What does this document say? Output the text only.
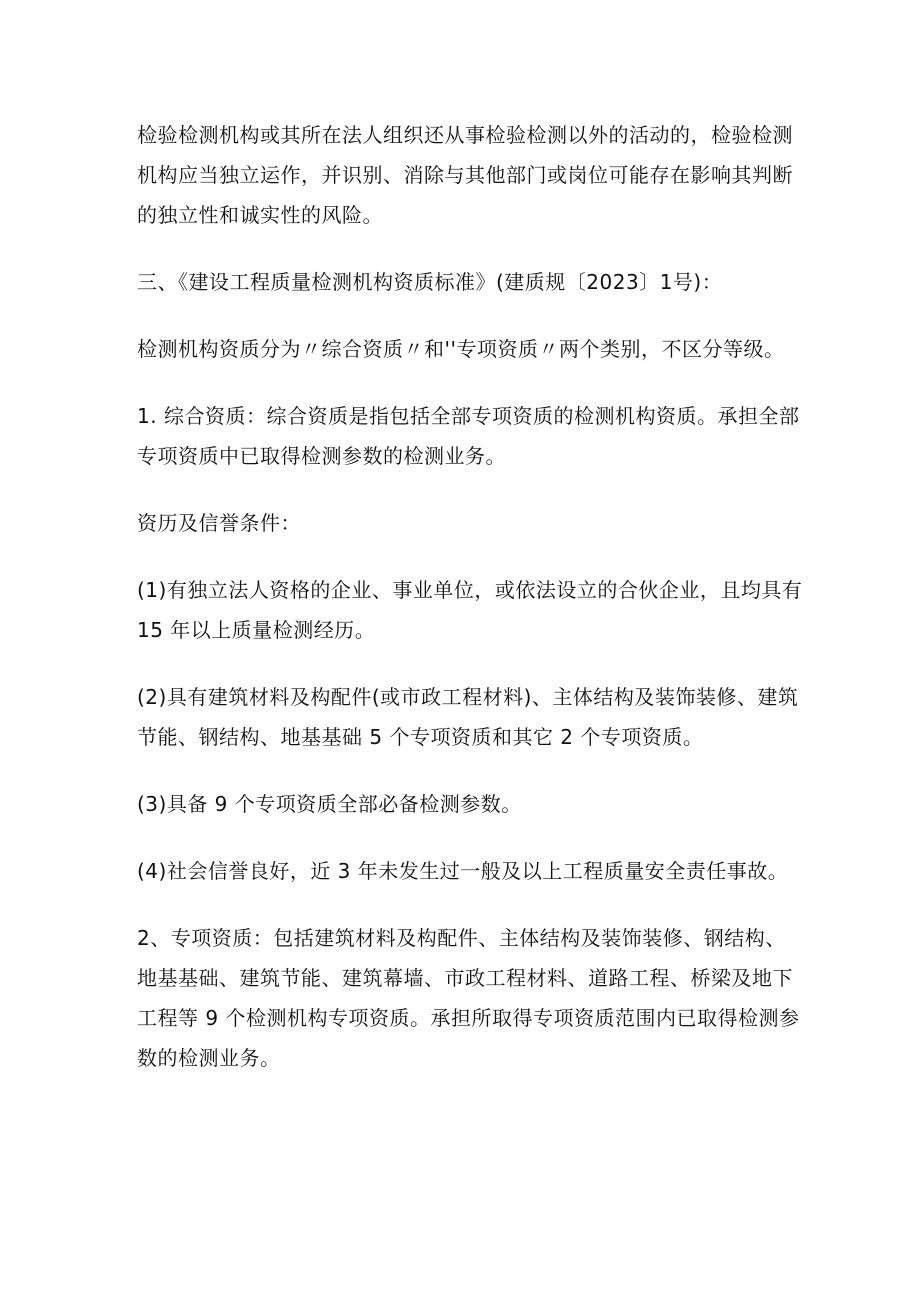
检验检测机构或其所在法人组织还从事检验检测以外的活动的，检验检测
机构应当独立运作，并识别、消除与其他部门或岗位可能存在影响其判断
的独立性和诚实性的风险。

三、《建设工程质量检测机构资质标准》(建质规〔2023〕1号)：

检测机构资质分为〃综合资质〃和''专项资质〃两个类别，不区分等级。

1. 综合资质：综合资质是指包括全部专项资质的检测机构资质。承担全部
专项资质中已取得检测参数的检测业务。

资历及信誉条件：

(1)有独立法人资格的企业、事业单位，或依法设立的合伙企业，且均具有
15 年以上质量检测经历。

(2)具有建筑材料及构配件(或市政工程材料)、主体结构及装饰装修、建筑
节能、钢结构、地基基础 5 个专项资质和其它 2 个专项资质。

(3)具备 9 个专项资质全部必备检测参数。

(4)社会信誉良好，近 3 年未发生过一般及以上工程质量安全责任事故。

2、专项资质：包括建筑材料及构配件、主体结构及装饰装修、钢结构、
地基基础、建筑节能、建筑幕墙、市政工程材料、道路工程、桥梁及地下
工程等 9 个检测机构专项资质。承担所取得专项资质范围内已取得检测参
数的检测业务。
